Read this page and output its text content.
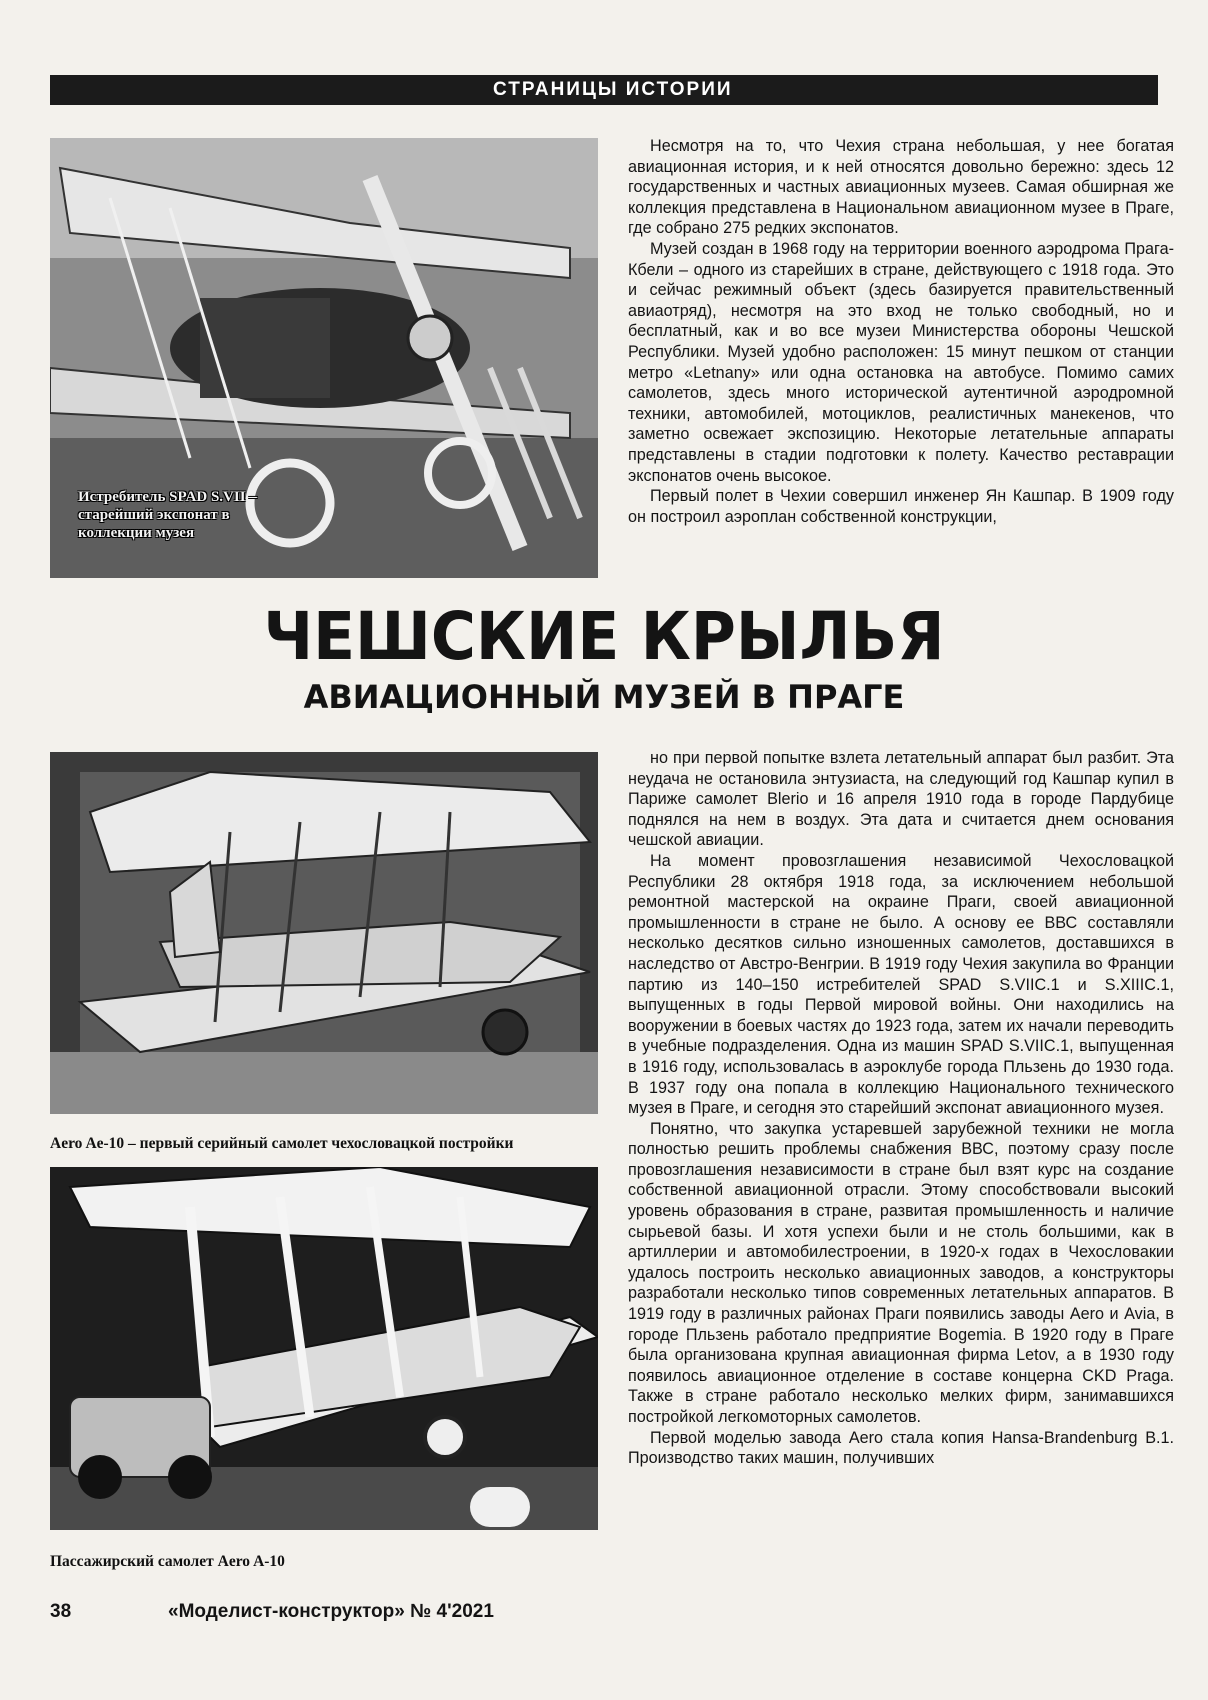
СТРАНИЦЫ ИСТОРИИ
Истребитель SPAD S.VII – старейший экспонат в коллекции музея

Несмотря на то, что Чехия страна небольшая, у нее богатая авиационная история, и к ней относятся довольно бережно: здесь 12 государственных и частных авиационных музеев. Самая обширная же коллекция представлена в Национальном авиационном музее в Праге, где собрано 275 редких экспонатов.

Музей создан в 1968 году на территории военного аэродрома Прага-Кбели – одного из старейших в стране, действующего с 1918 года. Это и сейчас режимный объект (здесь базируется правительственный авиаотряд), несмотря на это вход не только свободный, но и бесплатный, как и во все музеи Министерства обороны Чешской Республики. Музей удобно расположен: 15 минут пешком от станции метро «Letnany» или одна остановка на автобусе. Помимо самих самолетов, здесь много исторической аутентичной аэродромной техники, автомобилей, мотоциклов, реалистичных манекенов, что заметно освежает экспозицию. Некоторые летательные аппараты представлены в стадии подготовки к полету. Качество реставрации экспонатов очень высокое.

Первый полет в Чехии совершил инженер Ян Кашпар. В 1909 году он построил аэроплан собственной конструкции,

ЧЕШСКИЕ КРЫЛЬЯ
АВИАЦИОННЫЙ МУЗЕЙ В ПРАГЕ
Aero Ae-10 – первый серийный самолет чехословацкой постройки
Пассажирский самолет Aero A-10

но при первой попытке взлета летательный аппарат был разбит. Эта неудача не остановила энтузиаста, на следующий год Кашпар купил в Париже самолет Blerio и 16 апреля 1910 года в городе Пардубице поднялся на нем в воздух. Эта дата и считается днем основания чешской авиации.

На момент провозглашения независимой Чехословацкой Республики 28 октября 1918 года, за исключением небольшой ремонтной мастерской на окраине Праги, своей авиационной промышленности в стране не было. А основу ее ВВС составляли несколько десятков сильно изношенных самолетов, доставшихся в наследство от Австро-Венгрии. В 1919 году Чехия закупила во Франции партию из 140–150 истребителей SPAD S.VIIC.1 и S.XIIIC.1, выпущенных в годы Первой мировой войны. Они находились на вооружении в боевых частях до 1923 года, затем их начали переводить в учебные подразделения. Одна из машин SPAD S.VIIC.1, выпущенная в 1916 году, использовалась в аэроклубе города Пльзень до 1930 года. В 1937 году она попала в коллекцию Национального технического музея в Праге, и сегодня это старейший экспонат авиационного музея.

Понятно, что закупка устаревшей зарубежной техники не могла полностью решить проблемы снабжения ВВС, поэтому сразу после провозглашения независимости в стране был взят курс на создание собственной авиационной отрасли. Этому способствовали высокий уровень образования в стране, развитая промышленность и наличие сырьевой базы. И хотя успехи были и не столь большими, как в артиллерии и автомобилестроении, в 1920-х годах в Чехословакии удалось построить несколько авиационных заводов, а конструкторы разработали несколько типов современных летательных аппаратов. В 1919 году в различных районах Праги появились заводы Aero и Avia, в городе Пльзень работало предприятие Bogemia. В 1920 году в Праге была организована крупная авиационная фирма Letov, а в 1930 году появилось авиационное отделение в составе концерна CKD Praga. Также в стране работало несколько мелких фирм, занимавшихся постройкой легкомоторных самолетов.

Первой моделью завода Aero стала копия Hansa-Brandenburg B.1. Производство таких машин, получивших

38	«Моделист-конструктор» № 4'2021
